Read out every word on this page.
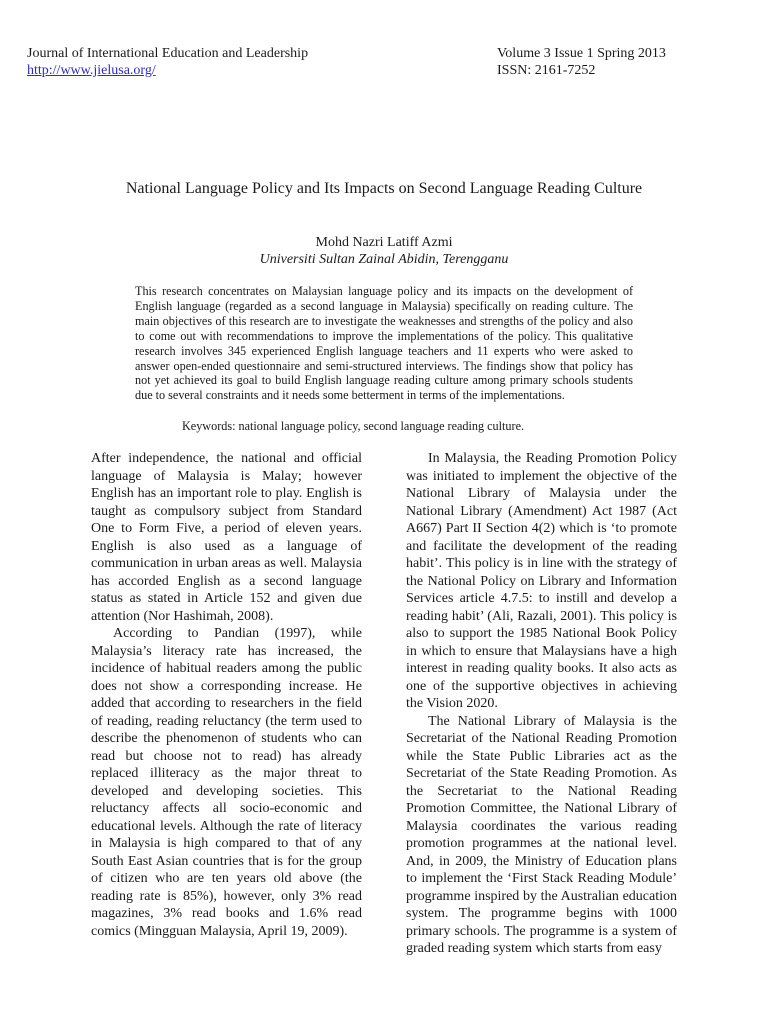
Journal of International Education and Leadership
http://www.jielusa.org/
Volume 3 Issue 1 Spring 2013
ISSN: 2161-7252
National Language Policy and Its Impacts on Second Language Reading Culture
Mohd Nazri Latiff Azmi
Universiti Sultan Zainal Abidin, Terengganu

This research concentrates on Malaysian language policy and its impacts on the development of English language (regarded as a second language in Malaysia) specifically on reading culture. The main objectives of this research are to investigate the weaknesses and strengths of the policy and also to come out with recommendations to improve the implementations of the policy. This qualitative research involves 345 experienced English language teachers and 11 experts who were asked to answer open-ended questionnaire and semi-structured interviews. The findings show that policy has not yet achieved its goal to build English language reading culture among primary schools students due to several constraints and it needs some betterment in terms of the implementations.

Keywords: national language policy, second language reading culture.

After independence, the national and official language of Malaysia is Malay; however English has an important role to play. English is taught as compulsory subject from Standard One to Form Five, a period of eleven years. English is also used as a language of communication in urban areas as well. Malaysia has accorded English as a second language status as stated in Article 152 and given due attention (Nor Hashimah, 2008).

According to Pandian (1997), while Malaysia’s literacy rate has increased, the incidence of habitual readers among the public does not show a corresponding increase. He added that according to researchers in the field of reading, reading reluctancy (the term used to describe the phenomenon of students who can read but choose not to read) has already replaced illiteracy as the major threat to developed and developing societies. This reluctancy affects all socio-economic and educational levels. Although the rate of literacy in Malaysia is high compared to that of any South East Asian countries that is for the group of citizen who are ten years old above (the reading rate is 85%), however, only 3% read magazines, 3% read books and 1.6% read comics (Mingguan Malaysia, April 19, 2009).

In Malaysia, the Reading Promotion Policy was initiated to implement the objective of the National Library of Malaysia under the National Library (Amendment) Act 1987 (Act A667) Part II Section 4(2) which is ‘to promote and facilitate the development of the reading habit’. This policy is in line with the strategy of the National Policy on Library and Information Services article 4.7.5: to instill and develop a reading habit’ (Ali, Razali, 2001). This policy is also to support the 1985 National Book Policy in which to ensure that Malaysians have a high interest in reading quality books. It also acts as one of the supportive objectives in achieving the Vision 2020.

The National Library of Malaysia is the Secretariat of the National Reading Promotion while the State Public Libraries act as the Secretariat of the State Reading Promotion. As the Secretariat to the National Reading Promotion Committee, the National Library of Malaysia coordinates the various reading promotion programmes at the national level. And, in 2009, the Ministry of Education plans to implement the ‘First Stack Reading Module’ programme inspired by the Australian education system. The programme begins with 1000 primary schools. The programme is a system of graded reading system which starts from easy
